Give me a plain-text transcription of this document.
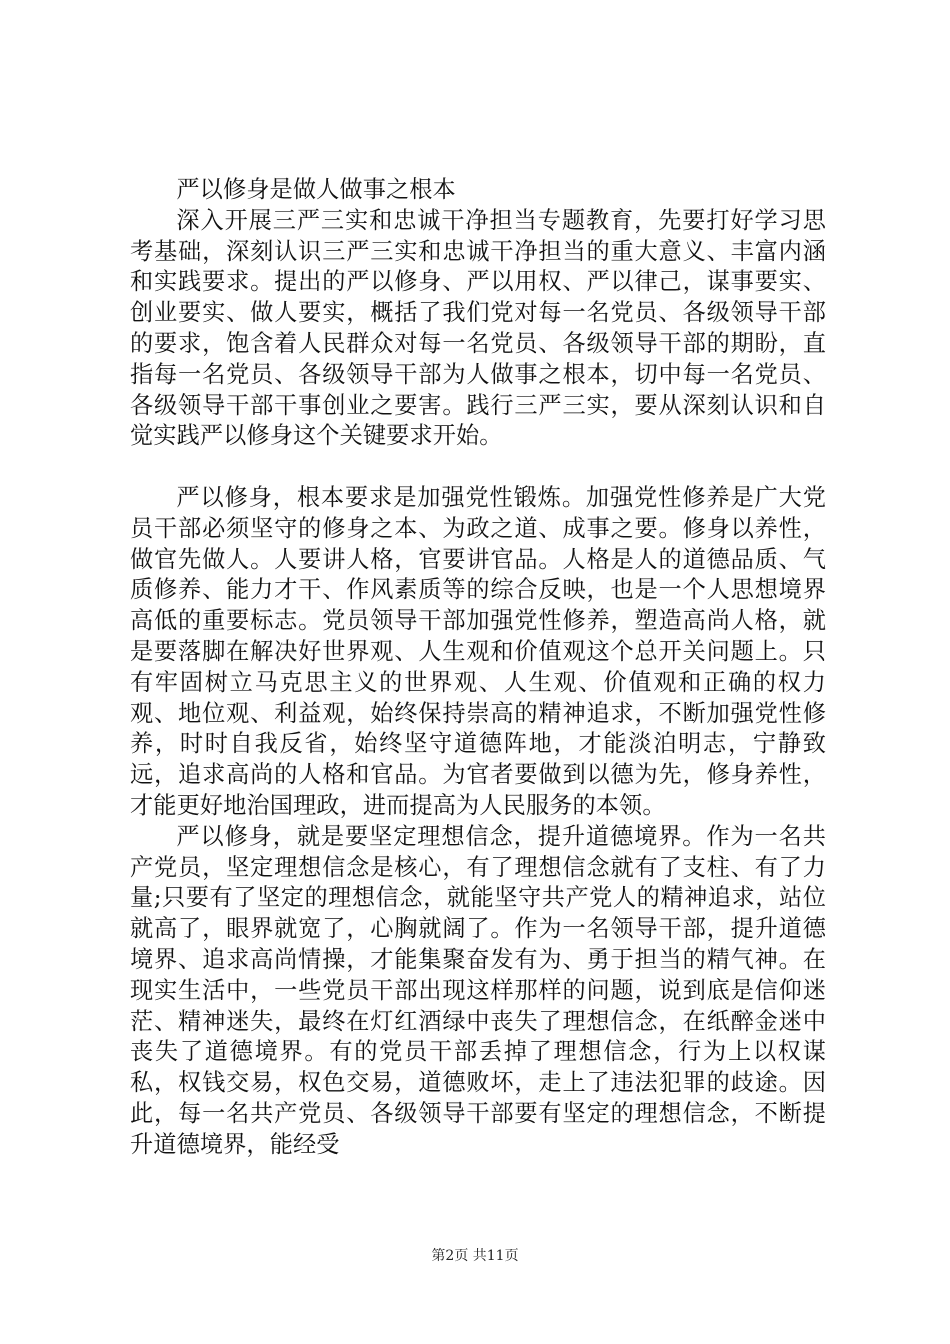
严以修身是做人做事之根本

深入开展三严三实和忠诚干净担当专题教育，先要打好学习思考基础，深刻认识三严三实和忠诚干净担当的重大意义、丰富内涵和实践要求。提出的严以修身、严以用权、严以律己，谋事要实、创业要实、做人要实，概括了我们党对每一名党员、各级领导干部的要求，饱含着人民群众对每一名党员、各级领导干部的期盼，直指每一名党员、各级领导干部为人做事之根本，切中每一名党员、各级领导干部干事创业之要害。践行三严三实，要从深刻认识和自觉实践严以修身这个关键要求开始。

严以修身，根本要求是加强党性锻炼。加强党性修养是广大党员干部必须坚守的修身之本、为政之道、成事之要。修身以养性，做官先做人。人要讲人格，官要讲官品。人格是人的道德品质、气质修养、能力才干、作风素质等的综合反映，也是一个人思想境界高低的重要标志。党员领导干部加强党性修养，塑造高尚人格，就是要落脚在解决好世界观、人生观和价值观这个总开关问题上。只有牢固树立马克思主义的世界观、人生观、价值观和正确的权力观、地位观、利益观，始终保持崇高的精神追求，不断加强党性修养，时时自我反省，始终坚守道德阵地，才能淡泊明志，宁静致远，追求高尚的人格和官品。为官者要做到以德为先，修身养性，才能更好地治国理政，进而提高为人民服务的本领。

严以修身，就是要坚定理想信念，提升道德境界。作为一名共产党员，坚定理想信念是核心，有了理想信念就有了支柱、有了力量;只要有了坚定的理想信念，就能坚守共产党人的精神追求，站位就高了，眼界就宽了，心胸就阔了。作为一名领导干部，提升道德境界、追求高尚情操，才能集聚奋发有为、勇于担当的精气神。在现实生活中，一些党员干部出现这样那样的问题，说到底是信仰迷茫、精神迷失，最终在灯红酒绿中丧失了理想信念，在纸醉金迷中丧失了道德境界。有的党员干部丢掉了理想信念，行为上以权谋私，权钱交易，权色交易，道德败坏，走上了违法犯罪的歧途。因此，每一名共产党员、各级领导干部要有坚定的理想信念，不断提升道德境界，能经受

第2页 共11页
